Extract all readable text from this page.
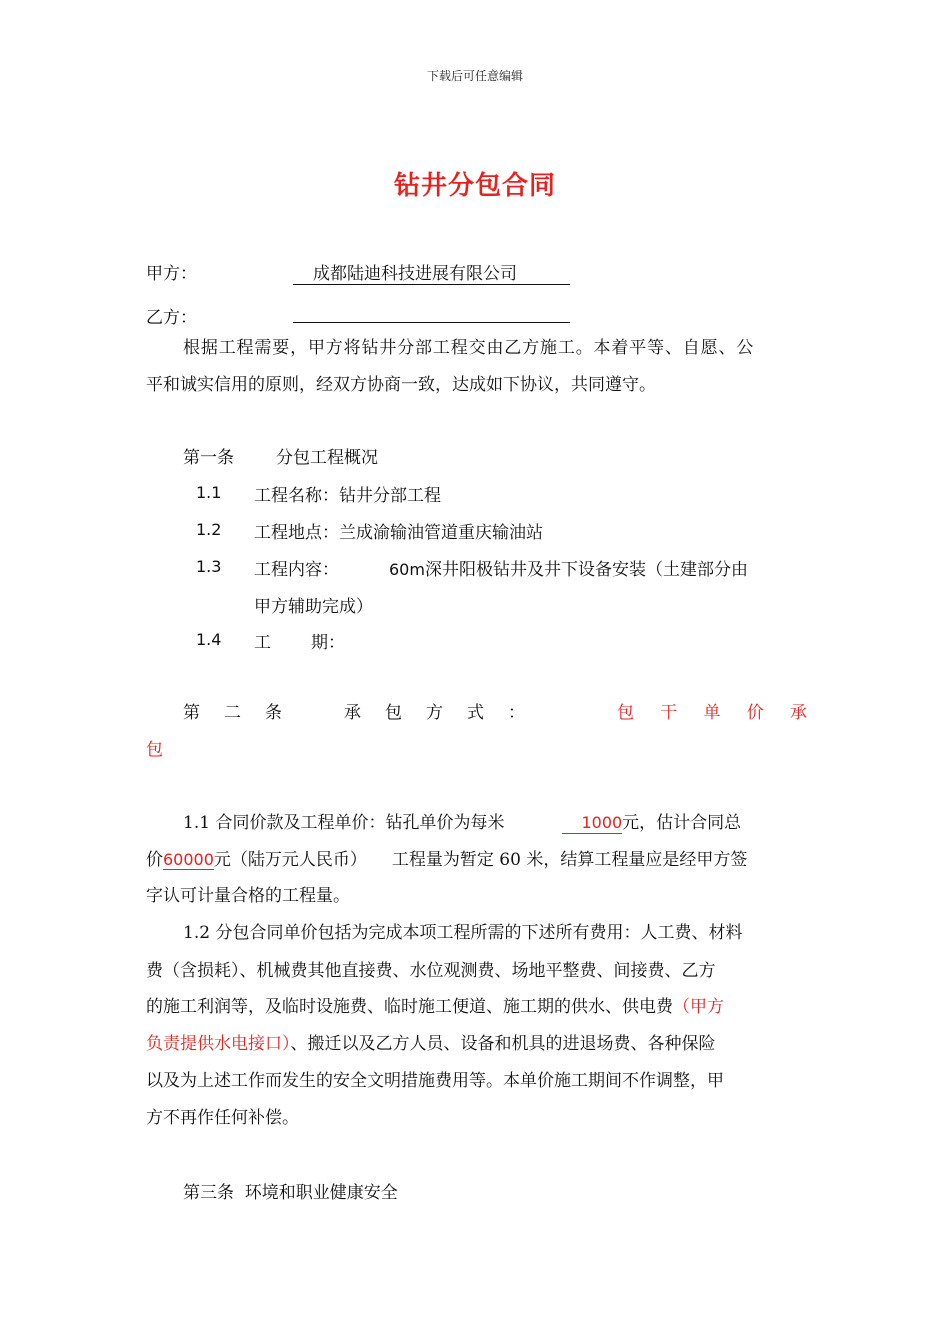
下载后可任意编辑
钻井分包合同
甲方：	成都陆迪科技进展有限公司
乙方：
根据工程需要，甲方将钻井分部工程交由乙方施工。本着平等、自愿、公
平和诚实信用的原则，经双方协商一致，达成如下协议，共同遵守。
第一条 分包工程概况
1.1 工程名称：钻井分部工程
1.2 工程地点：兰成渝输油管道重庆输油站
1.3 工程内容：	60m深井阳极钻井及井下设备安装（土建部分由
甲方辅助完成）
1.4 工 期：
第 二 条	承 包 方 式 ：	包 干 单 价 承
包
1.1 合同价款及工程单价：钻孔单价为每米	1000元，估计合同总
价60000元（陆万元人民币） 工程量为暂定 60 米，结算工程量应是经甲方签
字认可计量合格的工程量。
1.2 分包合同单价包括为完成本项工程所需的下述所有费用：人工费、材料
费（含损耗）、机械费其他直接费、水位观测费、场地平整费、间接费、乙方
的施工利润等，及临时设施费、临时施工便道、施工期的供水、供电费（甲方
负责提供水电接口）、搬迁以及乙方人员、设备和机具的进退场费、各种保险
以及为上述工作而发生的安全文明措施费用等。本单价施工期间不作调整，甲
方不再作任何补偿。
第三条  环境和职业健康安全
